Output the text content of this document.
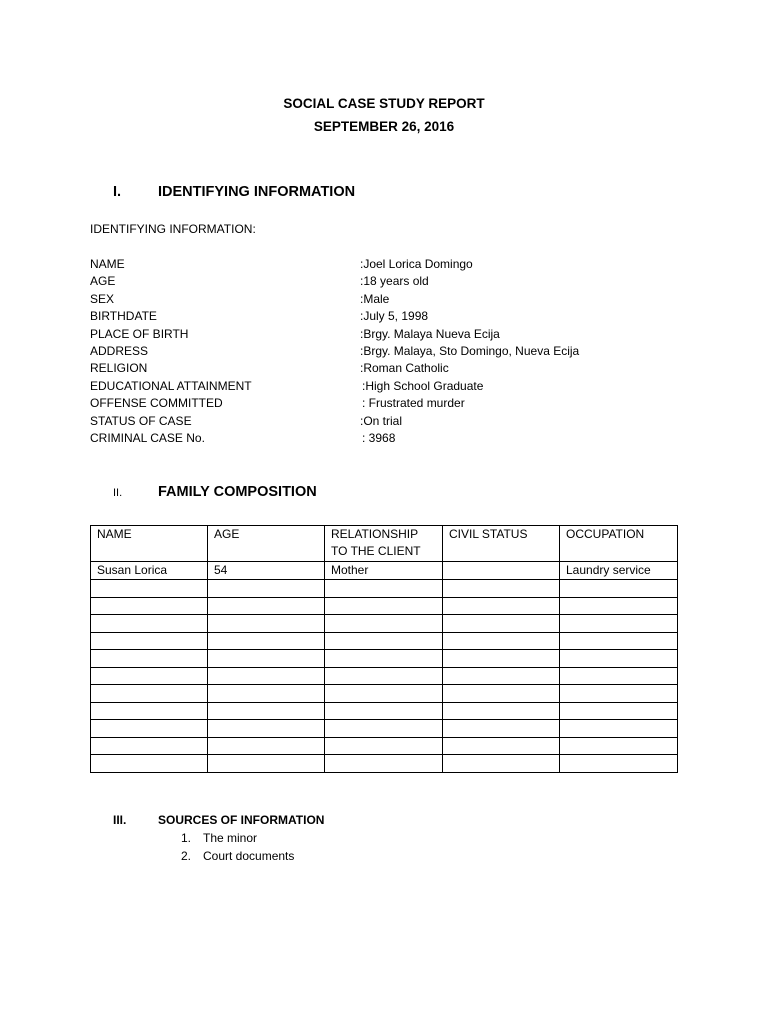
SOCIAL CASE STUDY REPORT
SEPTEMBER 26, 2016
I.	IDENTIFYING INFORMATION
IDENTIFYING INFORMATION:
NAME	:Joel Lorica Domingo
AGE	:18 years old
SEX	:Male
BIRTHDATE	:July 5, 1998
PLACE OF BIRTH	:Brgy. Malaya Nueva Ecija
ADDRESS	:Brgy. Malaya, Sto Domingo, Nueva Ecija
RELIGION	:Roman Catholic
EDUCATIONAL ATTAINMENT	:High School Graduate
OFFENSE COMMITTED	: Frustrated murder
STATUS OF CASE	:On trial
CRIMINAL CASE No.	: 3968
II. FAMILY COMPOSITION
NAME	AGE	RELATIONSHIP TO THE CLIENT	CIVIL STATUS	OCCUPATION
Susan Lorica	54	Mother		Laundry service

III.	SOURCES OF INFORMATION
1. The minor
2. Court documents
